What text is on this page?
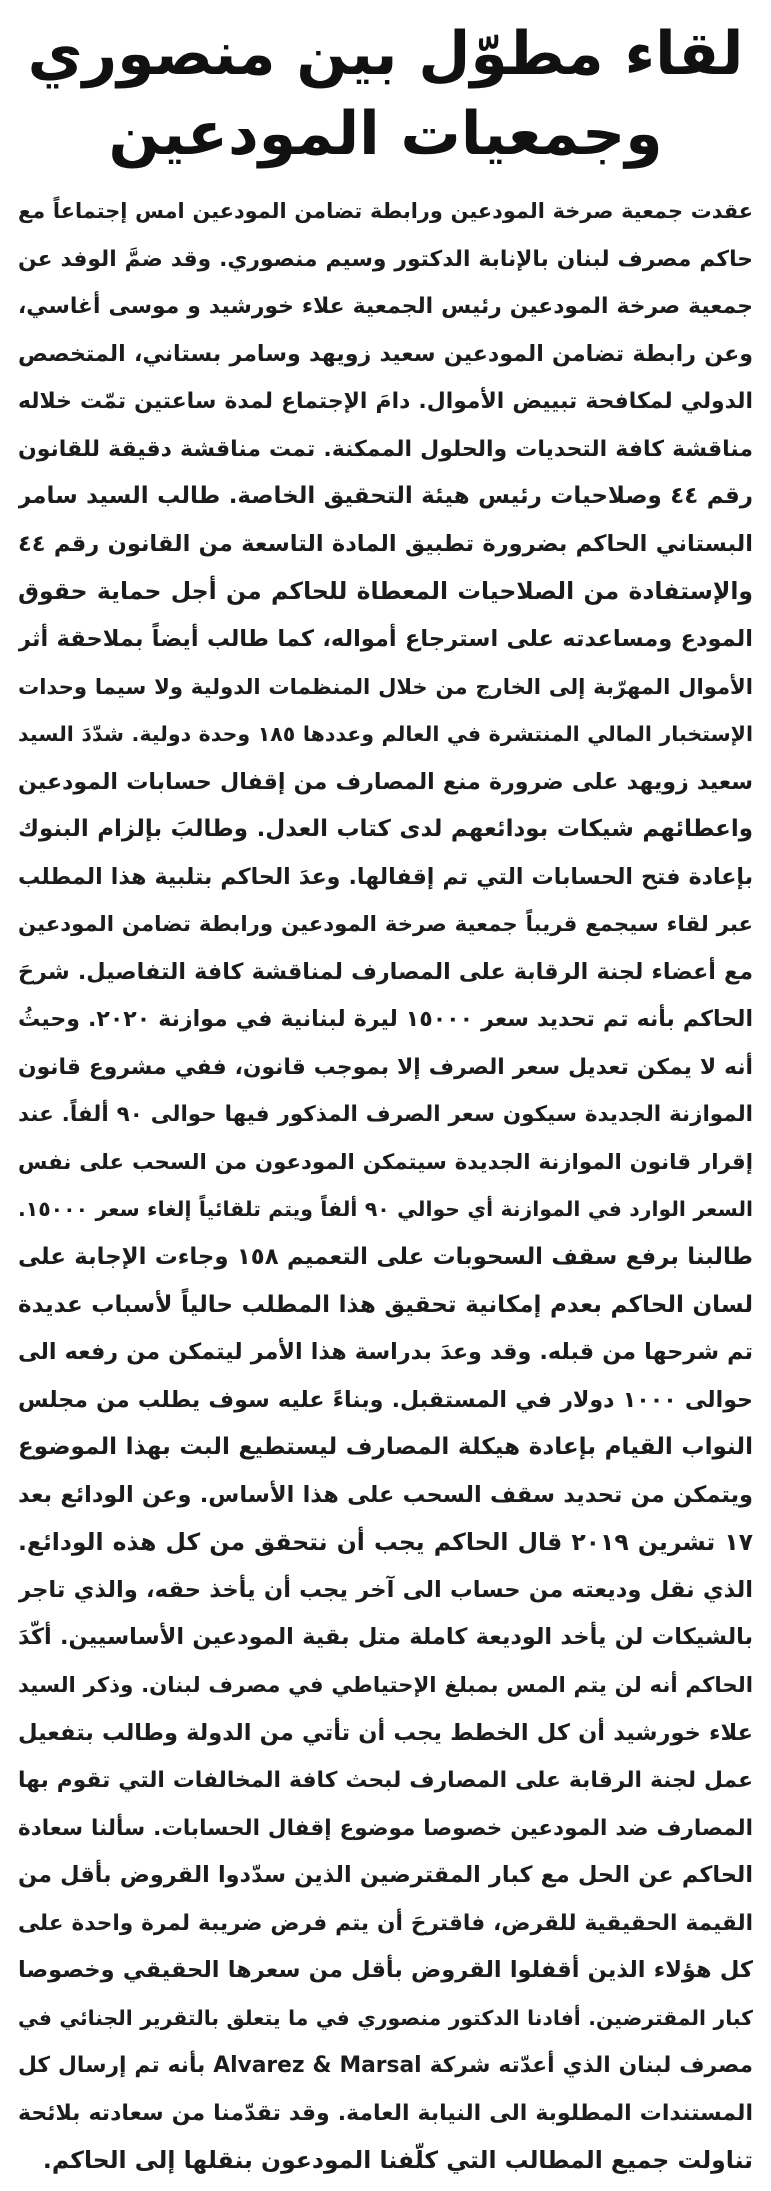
لقاء مطوّل بين منصوري
وجمعيات المودعين
عقدت جمعية صرخة المودعين ورابطة تضامن المودعين امس إجتماعاً مع
حاكم مصرف لبنان بالإنابة الدكتور وسيم منصوري. وقد ضمَّ الوفد عن
جمعية صرخة المودعين رئيس الجمعية علاء خورشيد و موسى أغاسي،
وعن رابطة تضامن المودعين سعيد زويهد وسامر بستاني، المتخصص
الدولي لمكافحة تبييض الأموال. دامَ الإجتماع لمدة ساعتين تمّت خلاله
مناقشة كافة التحديات والحلول الممكنة. تمت مناقشة دقيقة للقانون
رقم ٤٤ وصلاحيات رئيس هيئة التحقيق الخاصة. طالب السيد سامر
البستاني الحاكم بضرورة تطبيق المادة التاسعة من القانون رقم ٤٤
والإستفادة من الصلاحيات المعطاة للحاكم من أجل حماية حقوق
المودع ومساعدته على استرجاع أمواله، كما طالب أيضاً بملاحقة أثر
الأموال المهرّبة إلى الخارج من خلال المنظمات الدولية ولا سيما وحدات
الإستخبار المالي المنتشرة في العالم وعددها ١٨٥ وحدة دولية. شدّدَ السيد
سعيد زويهد على ضرورة منع المصارف من إقفال حسابات المودعين
واعطائهم شيكات بودائعهم لدى كتاب العدل. وطالبَ بإلزام البنوك
بإعادة فتح الحسابات التي تم إقفالها. وعدَ الحاكم بتلبية هذا المطلب
عبر لقاء سيجمع قريباً جمعية صرخة المودعين ورابطة تضامن المودعين
مع أعضاء لجنة الرقابة على المصارف لمناقشة كافة التفاصيل. شرحَ
الحاكم بأنه تم تحديد سعر ١٥٠٠٠ ليرة لبنانية في موازنة ٢٠٢٠. وحيثُ
أنه لا يمكن تعديل سعر الصرف إلا بموجب قانون، ففي مشروع قانون
الموازنة الجديدة سيكون سعر الصرف المذكور فيها حوالى ٩٠ ألفاً. عند
إقرار قانون الموازنة الجديدة سيتمكن المودعون من السحب على نفس
السعر الوارد في الموازنة أي حوالي ٩٠ ألفاً ويتم تلقائياً إلغاء سعر ١٥٠٠٠.
طالبنا برفع سقف السحوبات على التعميم ١٥٨ وجاءت الإجابة على
لسان الحاكم بعدم إمكانية تحقيق هذا المطلب حالياً لأسباب عديدة
تم شرحها من قبله. وقد وعدَ بدراسة هذا الأمر ليتمكن من رفعه الى
حوالى ١٠٠٠ دولار في المستقبل. وبناءً عليه سوف يطلب من مجلس
النواب القيام بإعادة هيكلة المصارف ليستطيع البت بهذا الموضوع
ويتمكن من تحديد سقف السحب على هذا الأساس. وعن الودائع بعد
١٧ تشرين ٢٠١٩ قال الحاكم يجب أن نتحقق من كل هذه الودائع.
الذي نقل وديعته من حساب الى آخر يجب أن يأخذ حقه، والذي تاجر
بالشيكات لن يأخد الوديعة كاملة متل بقية المودعين الأساسيين. أكّدَ
الحاكم أنه لن يتم المس بمبلغ الإحتياطي في مصرف لبنان. وذكر السيد
علاء خورشيد أن كل الخطط يجب أن تأتي من الدولة وطالب بتفعيل
عمل لجنة الرقابة على المصارف لبحث كافة المخالفات التي تقوم بها
المصارف ضد المودعين خصوصا موضوع إقفال الحسابات. سألنا سعادة
الحاكم عن الحل مع كبار المقترضين الذين سدّدوا القروض بأقل من
القيمة الحقيقية للقرض، فاقترحَ أن يتم فرض ضريبة لمرة واحدة على
كل هؤلاء الذين أقفلوا القروض بأقل من سعرها الحقيقي وخصوصا
كبار المقترضين. أفادنا الدكتور منصوري في ما يتعلق بالتقرير الجنائي في
مصرف لبنان الذي أعدّته شركة Alvarez & Marsal بأنه تم إرسال كل
المستندات المطلوبة الى النيابة العامة. وقد تقدّمنا من سعادته بلائحة
تناولت جميع المطالب التي كلّفنا المودعون بنقلها إلى الحاكم.
